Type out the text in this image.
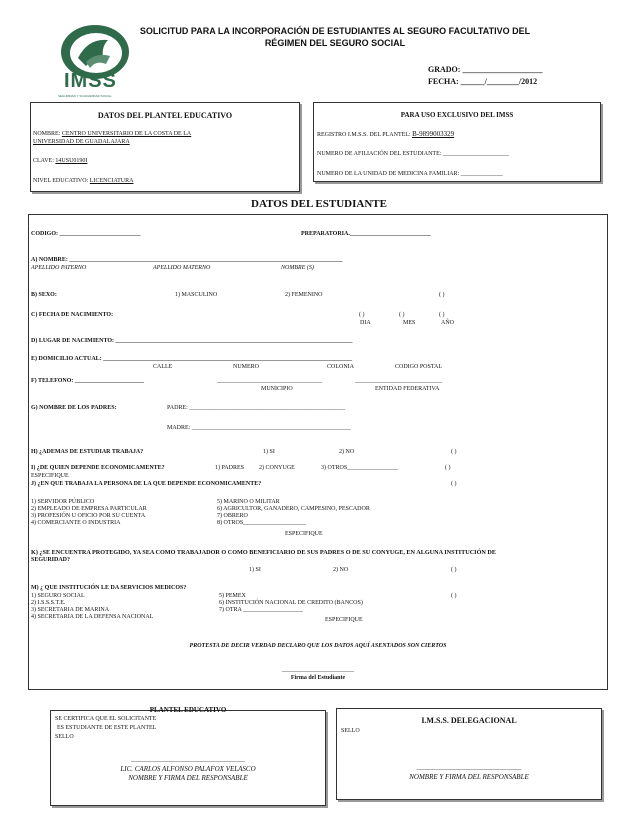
IMSS
SEGURIDAD Y SOLIDARIDAD SOCIAL
SOLICITUD PARA LA INCORPORACIÓN DE ESTUDIANTES AL SEGURO FACULTATIVO DEL
RÉGIMEN DEL SEGURO SOCIAL
GRADO: ____________________
FECHA: ______/________/2012
DATOS DEL PLANTEL EDUCATIVO
NOMBRE: CENTRO UNIVERSITARIO DE LA COSTA DE LA
UNIVERSIDAD DE GUADALAJARA
CLAVE: 14USU0190I
NIVEL EDUCATIVO: LICENCIATURA
PARA USO EXCLUSIVO DEL IMSS
REGISTRO I.M.S.S. DEL PLANTEL: B-9899003329
NUMERO DE AFILIACIÓN DEL ESTUDIANTE: ______________________
NUMERO DE LA UNIDAD DE MEDICINA FAMILIAR: ______________
DATOS DEL ESTUDIANTE
CODIGO: ___________________________	PREPARATORIA.___________________________
A) NOMBRE: ___________________________________________________________________________________________
APELLIDO PATERNO	APELLIDO MATERNO	NOMBRE (S)
B) SEXO:	1) MASCULINO	2) FEMENINO	( )
C) FECHA DE NACIMIENTO:	( )	( )	( )
DIA	MES	AÑO
D) LUGAR DE NACIMIENTO: _______________________________________________________________________________
E) DOMICILIO ACTUAL: ___________________________________________________________________________________
CALLE	NUMERO	COLONIA	CODIGO POSTAL
F) TELEFONO: _______________________	___________________________________	_____________________________
MUNICIPIO	ENTIDAD FEDERATIVA
G) NOMBRE DE LOS PADRES:	PADRE: ____________________________________________________
MADRE: _____________________________________________________
H) ¿ADEMAS DE ESTUDIAR TRABAJA?	1) SI	2) NO	( )
I) ¿DE QUIEN DEPENDE ECONOMICAMENTE?	1) PADRES	2) CONYUGE	3) OTROS_________________	( )
ESPECIFIQUE
J) ¿EN QUE TRABAJA LA PERSONA DE LA QUE DEPENDE ECONOMICAMENTE?	( )
1) SERVIDOR PÚBLICO
2) EMPLEADO DE EMPRESA PARTICULAR
3) PROFESIÓN U OFICIO POR SU CUENTA
4) COMERCIANTE O INDUSTRIA
5) MARINO O MILITAR
6) AGRICULTOR, GANADERO, CAMPESINO, PESCADOR
7) OBRERO
8) OTROS_____________________
ESPECIFIQUE
K) ¿SE ENCUENTRA PROTEGIDO, YA SEA COMO TRABAJADOR O COMO BENEFICIARIO DE SUS PADRES O DE SU CONYUGE, EN ALGUNA INSTITUCIÓN DE
SEGURIDAD?
1) SI	2) NO	( )
M) ¿ QUE INSTITUCIÓN LE DA SERVICIOS MEDICOS?
( )
1) SEGURO SOCIAL
2) I.S.S.S.T.E.
3) SECRETARIA DE MARINA
4) SECRETARIA DE LA DEFENSA NACIONAL
5) PEMEX
6) INSTITUCIÓN NACIONAL DE CREDITO (BANCOS)
7) OTRA ____________________
ESPECIFIQUE
PROTESTA DE DECIR VERDAD DECLARO QUE LOS DATOS AQUÍ ASENTADOS SON CIERTOS
________________________
Firma del Estudiante
PLANTEL EDUCATIVO
SE CERTIFICA QUE EL SOLICITANTE
ES ESTUDIANTE DE ESTE PLANTEL
SELLO
______________________________________
LIC. CARLOS ALFONSO PALAFOX VELASCO
NOMBRE Y FIRMA DEL RESPONSABLE
I.M.S.S. DELEGACIONAL
SELLO
___________________________________
NOMBRE Y FIRMA DEL RESPONSABLE
